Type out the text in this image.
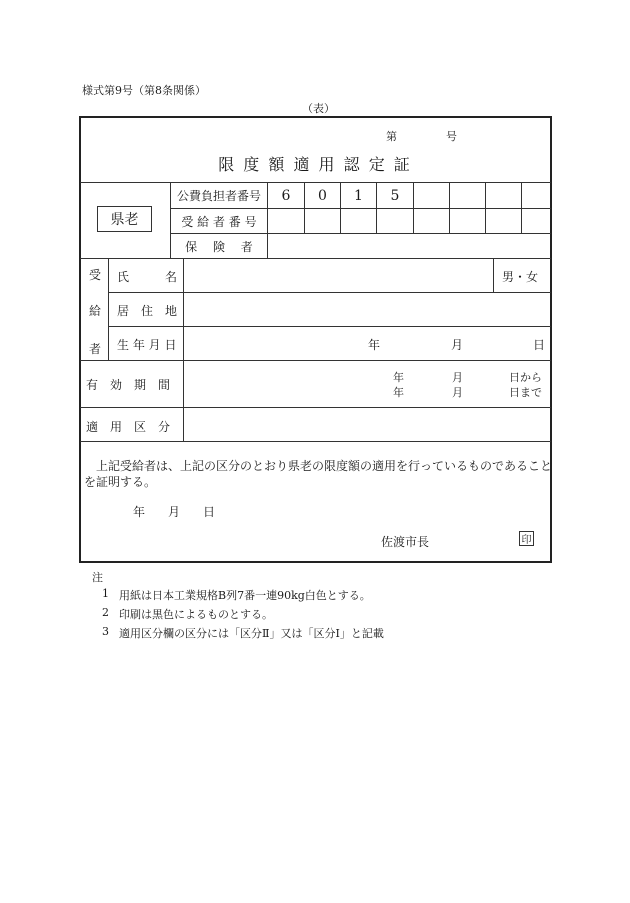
様式第9号（第8条関係）
（表）
第	号
限 度 額 適 用 認 定 証
県老
公費負担者番号	6	0	1	5
受 給 者 番 号
保　 険　 者
受
給
者
氏　　　名	男・女
居　住　地
生 年 月 日	年	月	日
有　効　期　間
年	月	日から
年	月	日まで
適　用　区　分
上記受給者は、上記の区分のとおり県老の限度額の適用を行っているものであること
を証明する。
年 月 日
佐渡市長	印
注
1 用紙は日本工業規格B列7番一連90kg白色とする。
2 印刷は黒色によるものとする。
3 適用区分欄の区分には「区分Ⅱ」又は「区分Ⅰ」と記載
